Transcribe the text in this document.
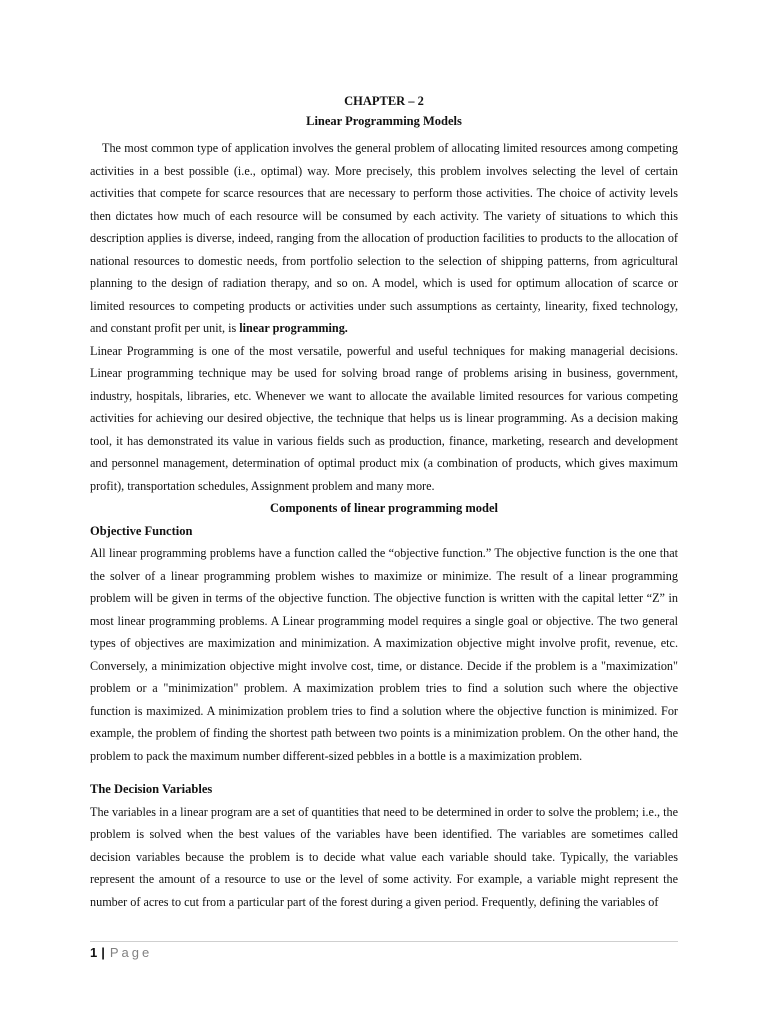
CHAPTER – 2
Linear Programming Models

The most common type of application involves the general problem of allocating limited resources among competing activities in a best possible (i.e., optimal) way. More precisely, this problem involves selecting the level of certain activities that compete for scarce resources that are necessary to perform those activities. The choice of activity levels then dictates how much of each resource will be consumed by each activity. The variety of situations to which this description applies is diverse, indeed, ranging from the allocation of production facilities to products to the allocation of national resources to domestic needs, from portfolio selection to the selection of shipping patterns, from agricultural planning to the design of radiation therapy, and so on. A model, which is used for optimum allocation of scarce or limited resources to competing products or activities under such assumptions as certainty, linearity, fixed technology, and constant profit per unit, is linear programming.

Linear Programming is one of the most versatile, powerful and useful techniques for making managerial decisions. Linear programming technique may be used for solving broad range of problems arising in business, government, industry, hospitals, libraries, etc. Whenever we want to allocate the available limited resources for various competing activities for achieving our desired objective, the technique that helps us is linear programming. As a decision making tool, it has demonstrated its value in various fields such as production, finance, marketing, research and development and personnel management, determination of optimal product mix (a combination of products, which gives maximum profit), transportation schedules, Assignment problem and many more.

Components of linear programming model
Objective Function

All linear programming problems have a function called the “objective function.” The objective function is the one that the solver of a linear programming problem wishes to maximize or minimize. The result of a linear programming problem will be given in terms of the objective function. The objective function is written with the capital letter “Z” in most linear programming problems. A Linear programming model requires a single goal or objective. The two general types of objectives are maximization and minimization. A maximization objective might involve profit, revenue, etc. Conversely, a minimization objective might involve cost, time, or distance. Decide if the problem is a "maximization" problem or a "minimization" problem. A maximization problem tries to find a solution such where the objective function is maximized. A minimization problem tries to find a solution where the objective function is minimized. For example, the problem of finding the shortest path between two points is a minimization problem. On the other hand, the problem to pack the maximum number different-sized pebbles in a bottle is a maximization problem.

The Decision Variables

The variables in a linear program are a set of quantities that need to be determined in order to solve the problem; i.e., the problem is solved when the best values of the variables have been identified. The variables are sometimes called decision variables because the problem is to decide what value each variable should take. Typically, the variables represent the amount of a resource to use or the level of some activity. For example, a variable might represent the number of acres to cut from a particular part of the forest during a given period. Frequently, defining the variables of

1 | Page
